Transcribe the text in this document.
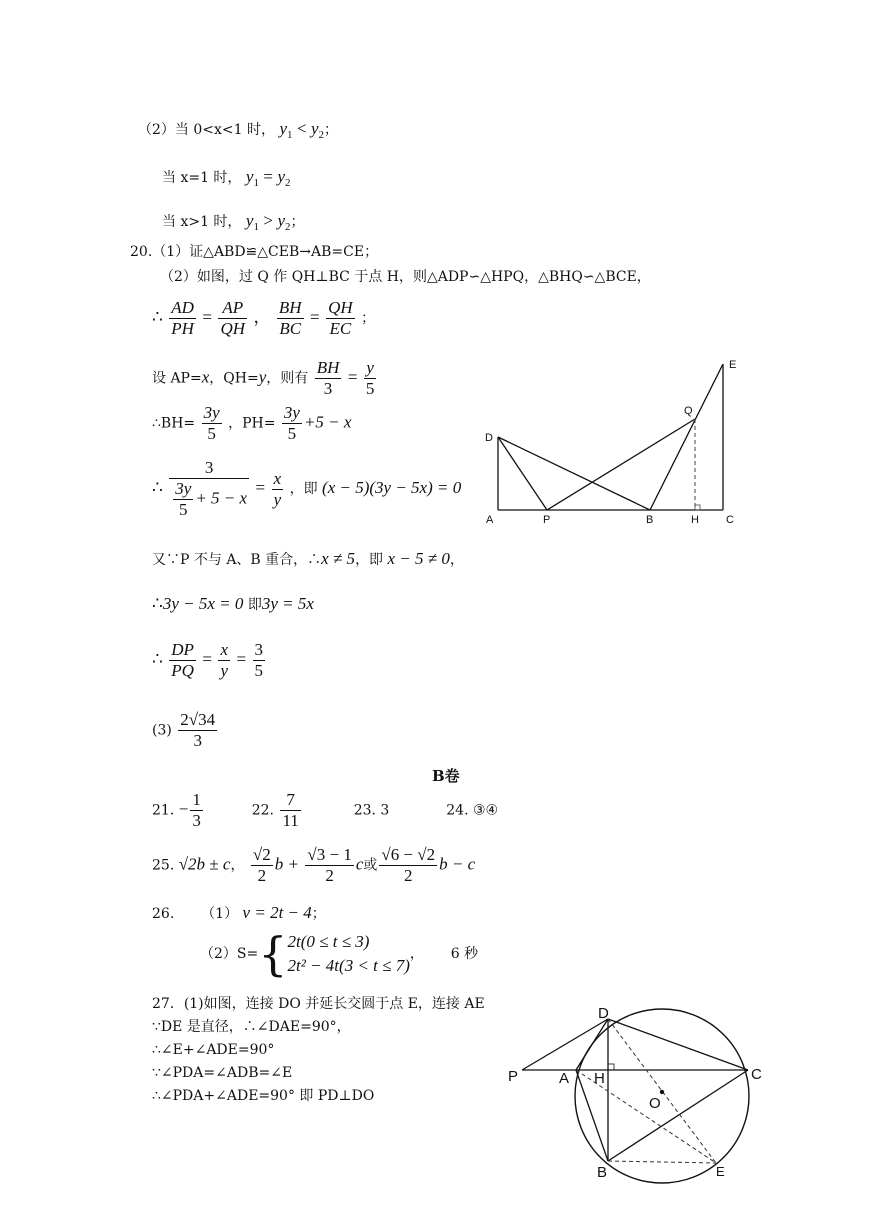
（2）当 0<x<1 时， $y_1 < y_2$；
当 x=1 时， $y_1 = y_2$
当 x>1 时， $y_1 > y_2$；
20.（1）证△ABD≌△CEB→AB=CE；
（2）如图，过 Q 作 QH⊥BC 于点 H，则△ADP∽△HPQ，△BHQ∽△BCE，
∴ $\frac{AD}{PH} = \frac{AP}{QH}$ ， $\frac{BH}{BC} = \frac{QH}{EC}$ ；
设 AP=x，QH=y，则有 $\frac{BH}{3} = \frac{y}{5}$
∴BH= $\frac{3y}{5}$ ，$PH= \frac{3y}{5} +5 - x$
∴ $\frac{3}{\frac{3y}{5} + 5 - x} = \frac{x}{y}$ ，即 (x − 5)(3y − 5x) = 0
又∵P 不与 A、B 重合，∴x ≠ 5，即 x − 5 ≠ 0，
∴3y − 5x = 0 即3y = 5x
∴ $\frac{DP}{PQ} = \frac{x}{y} = \frac{3}{5}$
$(3) \frac{2√34}{3}$
D
A	P	B	H C
E
Q
B卷
21. − $\frac{1}{3}$	22. $\frac{7}{11}$	23. 3	24. ③④
25. √2b ± c， $\frac{√2}{2}$ $b + \frac{√3 - 1}{2}$ c或 $\frac{√6 - √2}{2}$ b − c
26. （1） v = 2t − 4；
（2）S={ 2t(0 ≤ t ≤ 3)
2t² − 4t(3 < t ≤ 7)
， 6 秒
27．(1)如图，连接 DO 并延长交圆于点 E，连接 AE
∵DE 是直径，∴∠DAE=90°，
∴∠E+∠ADE=90°
∵∠PDA=∠ADB=∠E
∴∠PDA+∠ADE=90° 即 PD⊥DO
D
P	A H	C
O
B	E
